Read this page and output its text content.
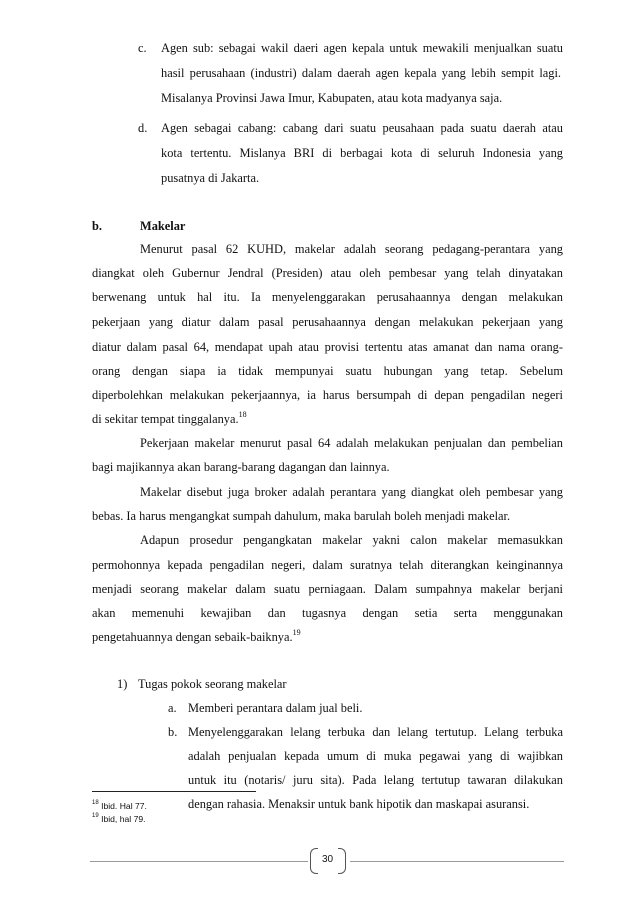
c. Agen sub: sebagai wakil daeri agen kepala untuk mewakili menjualkan suatu
hasil perusahaan (industri) dalam daerah agen kepala yang lebih sempit lagi.
Misalanya Provinsi Jawa Imur, Kabupaten, atau kota madyanya saja.
d. Agen sebagai cabang: cabang dari suatu peusahaan pada suatu daerah atau
kota tertentu. Mislanya BRI di berbagai kota di seluruh Indonesia yang
pusatnya di Jakarta.
b.	Makelar
Menurut pasal 62 KUHD, makelar adalah seorang pedagang-perantara yang
diangkat oleh Gubernur Jendral (Presiden) atau oleh pembesar yang telah dinyatakan
berwenang untuk hal itu. Ia menyelenggarakan perusahaannya dengan melakukan
pekerjaan yang diatur dalam pasal perusahaannya dengan melakukan pekerjaan yang
diatur dalam pasal 64, mendapat upah atau provisi tertentu atas amanat dan nama orang-
orang dengan siapa ia tidak mempunyai suatu hubungan yang tetap. Sebelum
diperbolehkan melakukan pekerjaannya, ia harus bersumpah di depan pengadilan negeri
di sekitar tempat tinggalanya.$^{18}$
Pekerjaan makelar menurut pasal 64 adalah melakukan penjualan dan pembelian
bagi majikannya akan barang-barang dagangan dan lainnya.
Makelar disebut juga broker adalah perantara yang diangkat oleh pembesar yang
bebas. Ia harus mengangkat sumpah dahulum, maka barulah boleh menjadi makelar.
Adapun prosedur pengangkatan makelar yakni calon makelar memasukkan
permohonnya kepada pengadilan negeri, dalam suratnya telah diterangkan keinginannya
menjadi seorang makelar dalam suatu perniagaan. Dalam sumpahnya makelar berjani
akan memenuhi kewajiban dan tugasnya dengan setia serta menggunakan
pengetahuannya dengan sebaik-baiknya.$^{19}$
1) Tugas pokok seorang makelar
a. Memberi perantara dalam jual beli.
b. Menyelenggarakan lelang terbuka dan lelang tertutup. Lelang terbuka
adalah penjualan kepada umum di muka pegawai yang di wajibkan
untuk itu (notaris/ juru sita). Pada lelang tertutup tawaran dilakukan
dengan rahasia. Menaksir untuk bank hipotik dan maskapai asuransi.
$^{18}$ Ibid. Hal 77.
$^{19}$ Ibid, hal 79.
30
